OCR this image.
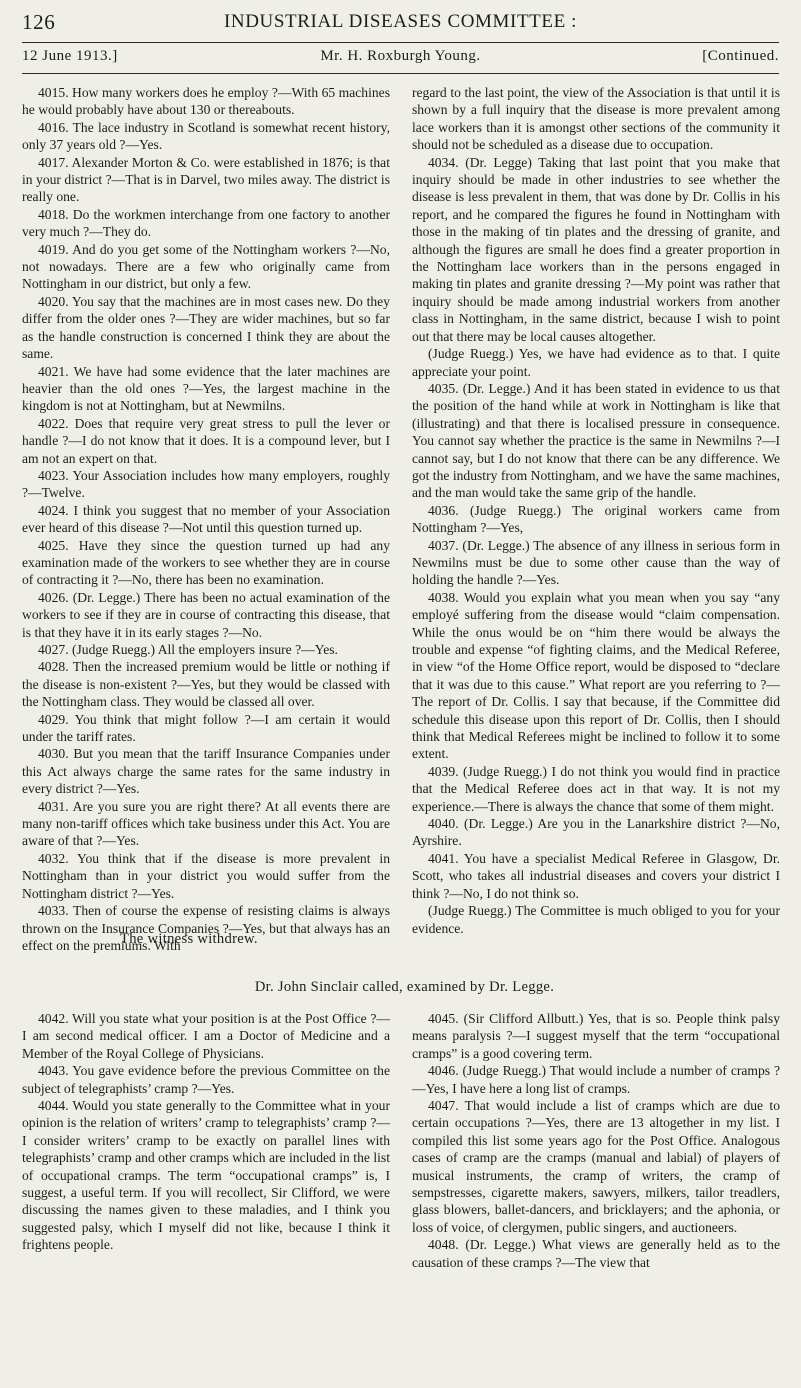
126	INDUSTRIAL DISEASES COMMITTEE :
12 June 1913.]	Mr. H. Roxburgh Young.	[Continued.

4015. How many workers does he employ ?—With 65 machines he would probably have about 130 or thereabouts.

4016. The lace industry in Scotland is somewhat recent history, only 37 years old ?—Yes.

4017. Alexander Morton & Co. were established in 1876; is that in your district ?—That is in Darvel, two miles away. The district is really one.

4018. Do the workmen interchange from one factory to another very much ?—They do.

4019. And do you get some of the Nottingham workers ?—No, not nowadays. There are a few who originally came from Nottingham in our district, but only a few.

4020. You say that the machines are in most cases new. Do they differ from the older ones ?—They are wider machines, but so far as the handle construction is concerned I think they are about the same.

4021. We have had some evidence that the later machines are heavier than the old ones ?—Yes, the largest machine in the kingdom is not at Nottingham, but at Newmilns.

4022. Does that require very great stress to pull the lever or handle ?—I do not know that it does. It is a compound lever, but I am not an expert on that.

4023. Your Association includes how many employers, roughly ?—Twelve.

4024. I think you suggest that no member of your Association ever heard of this disease ?—Not until this question turned up.

4025. Have they since the question turned up had any examination made of the workers to see whether they are in course of contracting it ?—No, there has been no examination.

4026. (Dr. Legge.) There has been no actual examination of the workers to see if they are in course of contracting this disease, that is that they have it in its early stages ?—No.

4027. (Judge Ruegg.) All the employers insure ?—Yes.

4028. Then the increased premium would be little or nothing if the disease is non-existent ?—Yes, but they would be classed with the Nottingham class. They would be classed all over.

4029. You think that might follow ?—I am certain it would under the tariff rates.

4030. But you mean that the tariff Insurance Companies under this Act always charge the same rates for the same industry in every district ?—Yes.

4031. Are you sure you are right there? At all events there are many non-tariff offices which take business under this Act. You are aware of that ?—Yes.

4032. You think that if the disease is more prevalent in Nottingham than in your district you would suffer from the Nottingham district ?—Yes.

4033. Then of course the expense of resisting claims is always thrown on the Insurance Companies ?—Yes, but that always has an effect on the premiums. With

regard to the last point, the view of the Association is that until it is shown by a full inquiry that the disease is more prevalent among lace workers than it is amongst other sections of the community it should not be scheduled as a disease due to occupation.

4034. (Dr. Legge) Taking that last point that you make that inquiry should be made in other industries to see whether the disease is less prevalent in them, that was done by Dr. Collis in his report, and he compared the figures he found in Nottingham with those in the making of tin plates and the dressing of granite, and although the figures are small he does find a greater proportion in the Nottingham lace workers than in the persons engaged in making tin plates and granite dressing ?—My point was rather that inquiry should be made among industrial workers from another class in Nottingham, in the same district, because I wish to point out that there may be local causes altogether.

(Judge Ruegg.) Yes, we have had evidence as to that. I quite appreciate your point.

4035. (Dr. Legge.) And it has been stated in evidence to us that the position of the hand while at work in Nottingham is like that (illustrating) and that there is localised pressure in consequence. You cannot say whether the practice is the same in Newmilns ?—I cannot say, but I do not know that there can be any difference. We got the industry from Nottingham, and we have the same machines, and the man would take the same grip of the handle.

4036. (Judge Ruegg.) The original workers came from Nottingham ?—Yes,

4037. (Dr. Legge.) The absence of any illness in serious form in Newmilns must be due to some other cause than the way of holding the handle ?—Yes.

4038. Would you explain what you mean when you say “any employé suffering from the disease would “claim compensation. While the onus would be on “him there would be always the trouble and expense “of fighting claims, and the Medical Referee, in view “of the Home Office report, would be disposed to “declare that it was due to this cause.” What report are you referring to ?—The report of Dr. Collis. I say that because, if the Committee did schedule this disease upon this report of Dr. Collis, then I should think that Medical Referees might be inclined to follow it to some extent.

4039. (Judge Ruegg.) I do not think you would find in practice that the Medical Referee does act in that way. It is not my experience.—There is always the chance that some of them might.

4040. (Dr. Legge.) Are you in the Lanarkshire district ?—No, Ayrshire.

4041. You have a specialist Medical Referee in Glasgow, Dr. Scott, who takes all industrial diseases and covers your district I think ?—No, I do not think so.

(Judge Ruegg.) The Committee is much obliged to you for your evidence.

The witness withdrew.
Dr. John Sinclair called, examined by Dr. Legge.

4042. Will you state what your position is at the Post Office ?—I am second medical officer. I am a Doctor of Medicine and a Member of the Royal College of Physicians.

4043. You gave evidence before the previous Committee on the subject of telegraphists’ cramp ?—Yes.

4044. Would you state generally to the Committee what in your opinion is the relation of writers’ cramp to telegraphists’ cramp ?—I consider writers’ cramp to be exactly on parallel lines with telegraphists’ cramp and other cramps which are included in the list of occupational cramps. The term “occupational cramps” is, I suggest, a useful term. If you will recollect, Sir Clifford, we were discussing the names given to these maladies, and I think you suggested palsy, which I myself did not like, because I think it frightens people.

4045. (Sir Clifford Allbutt.) Yes, that is so. People think palsy means paralysis ?—I suggest myself that the term “occupational cramps” is a good covering term.

4046. (Judge Ruegg.) That would include a number of cramps ?—Yes, I have here a long list of cramps.

4047. That would include a list of cramps which are due to certain occupations ?—Yes, there are 13 altogether in my list. I compiled this list some years ago for the Post Office. Analogous cases of cramp are the cramps (manual and labial) of players of musical instruments, the cramp of writers, the cramp of sempstresses, cigarette makers, sawyers, milkers, tailor treadlers, glass blowers, ballet-dancers, and bricklayers; and the aphonia, or loss of voice, of clergymen, public singers, and auctioneers.

4048. (Dr. Legge.) What views are generally held as to the causation of these cramps ?—The view that
